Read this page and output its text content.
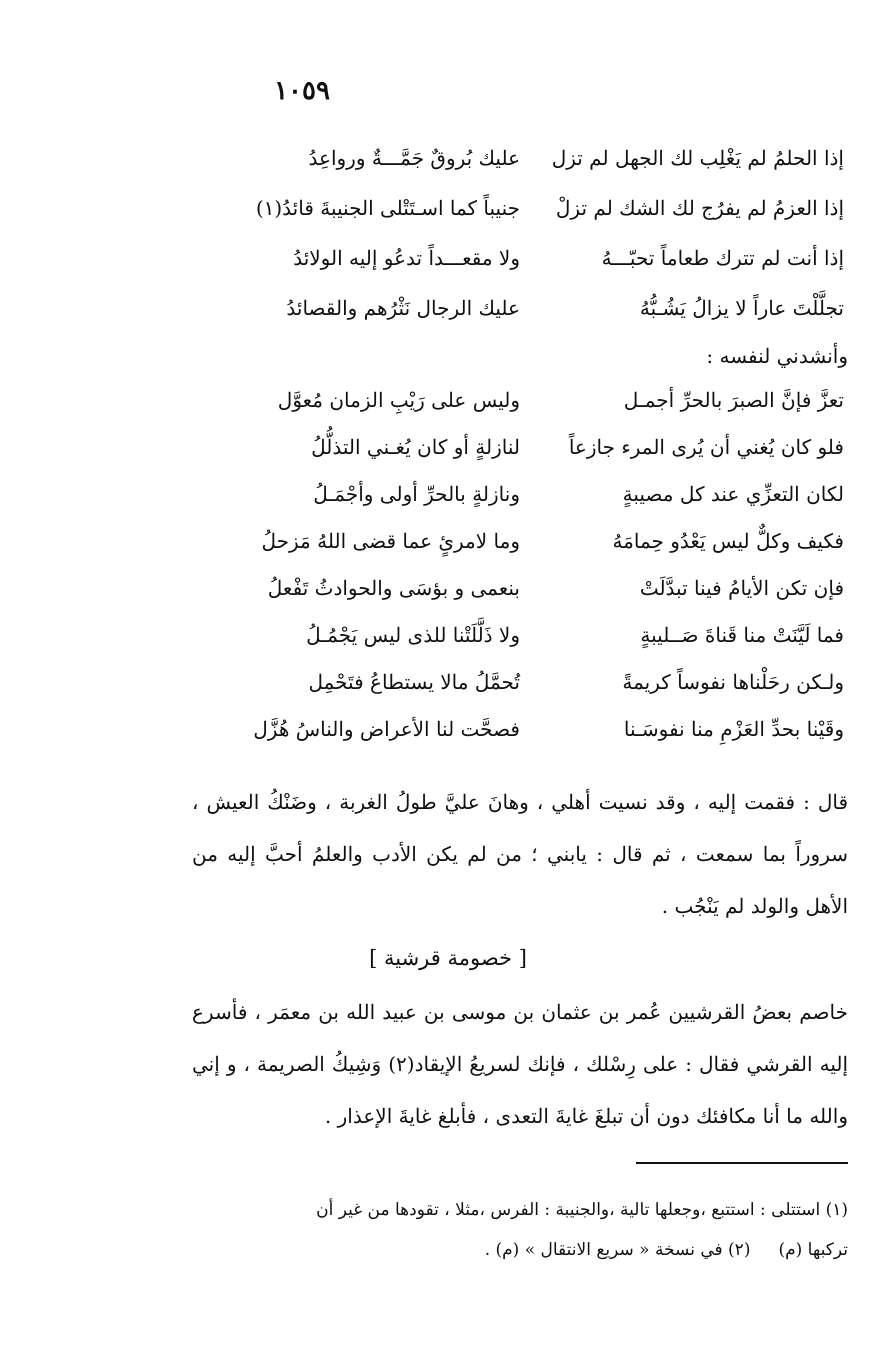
١٠٥٩
إذا الحلمُ لم يَغْلِب لك الجهل لم تزل
عليك بُروقٌ جَمَّـــةٌ ورواعِدُ
إذا العزمُ لم يفرُج لك الشك لم تزلْ
جنيباً كما اسـتَتْلى الجنيبةَ قائدُ(١)
إذا أنت لم تترك طعاماً تحبّـــهُ
ولا مقعـــداً تدعُو إليه الولائدُ
تجلَّلْتَ عاراً لا يزالُ يَشُـبُّهُ
عليك الرجال نَثْرُهم والقصائدُ
وأنشدني لنفسه :
تعزَّ فإنَّ الصبرَ بالحرِّ أجمـل
وليس على رَيْبِ الزمان مُعوَّل
فلو كان يُغني أن يُرى المرء جازعاً
لنازلةٍ أو كان يُغـني التذلُّلُ
لكان التعزِّي عند كل مصيبةٍ
ونازلةٍ بالحرِّ أولى وأجْمَـلُ
فكيف وكلٌّ ليس يَعْدُو حِمامَهُ
وما لامرئٍ عما قضى اللهُ مَزحلُ
فإن تكن الأيامُ فينا تبدَّلَتْ
بنعمى و بؤسَى والحوادثُ تَفْعلُ
فما لَيَّنَتْ منا قَناةَ صَــليبةٍ
ولا ذَلَّلَتْنا للذى ليس يَجْمُـلُ
ولـكن رحَلْناها نفوساً كريمةً
تُحمَّلُ مالا يستطاعُ فتَحْمِل
وقَيْنا بحدِّ العَزْمِ منا نفوسَـنا
فصحَّت لنا الأعراض والناسُ هُزَّل
قال : فقمت إليه ، وقد نسيت أهلي ، وهانَ عليَّ طولُ الغربة ، وضَنْكُ العيش ، سروراً بما سمعت ، ثم قال : يابني ؛ من لم يكن الأدب والعلمُ أحبَّ إليه من الأهل والولد لم يَنْجُب .
[ خصومة قرشية ]
خاصم بعضُ القرشيين عُمر بن عثمان بن موسى بن عبيد الله بن معمَر ، فأسرع إليه القرشي فقال : على رِسْلك ، فإنك لسريعُ الإيقاد(٢) وَشِيكُ الصريمة ، و إني والله ما أنا مكافئك دون أن تبلغَ غايةَ التعدى ، فأبلغ غايةَ الإعذار .
(١) استتلى : استتبع ،وجعلها تالية ،والجنيبة : الفرس ،مثلا ، تقودها من غير أن
تركبها (م)(٢) في نسخة « سريع الانتقال » (م) .
